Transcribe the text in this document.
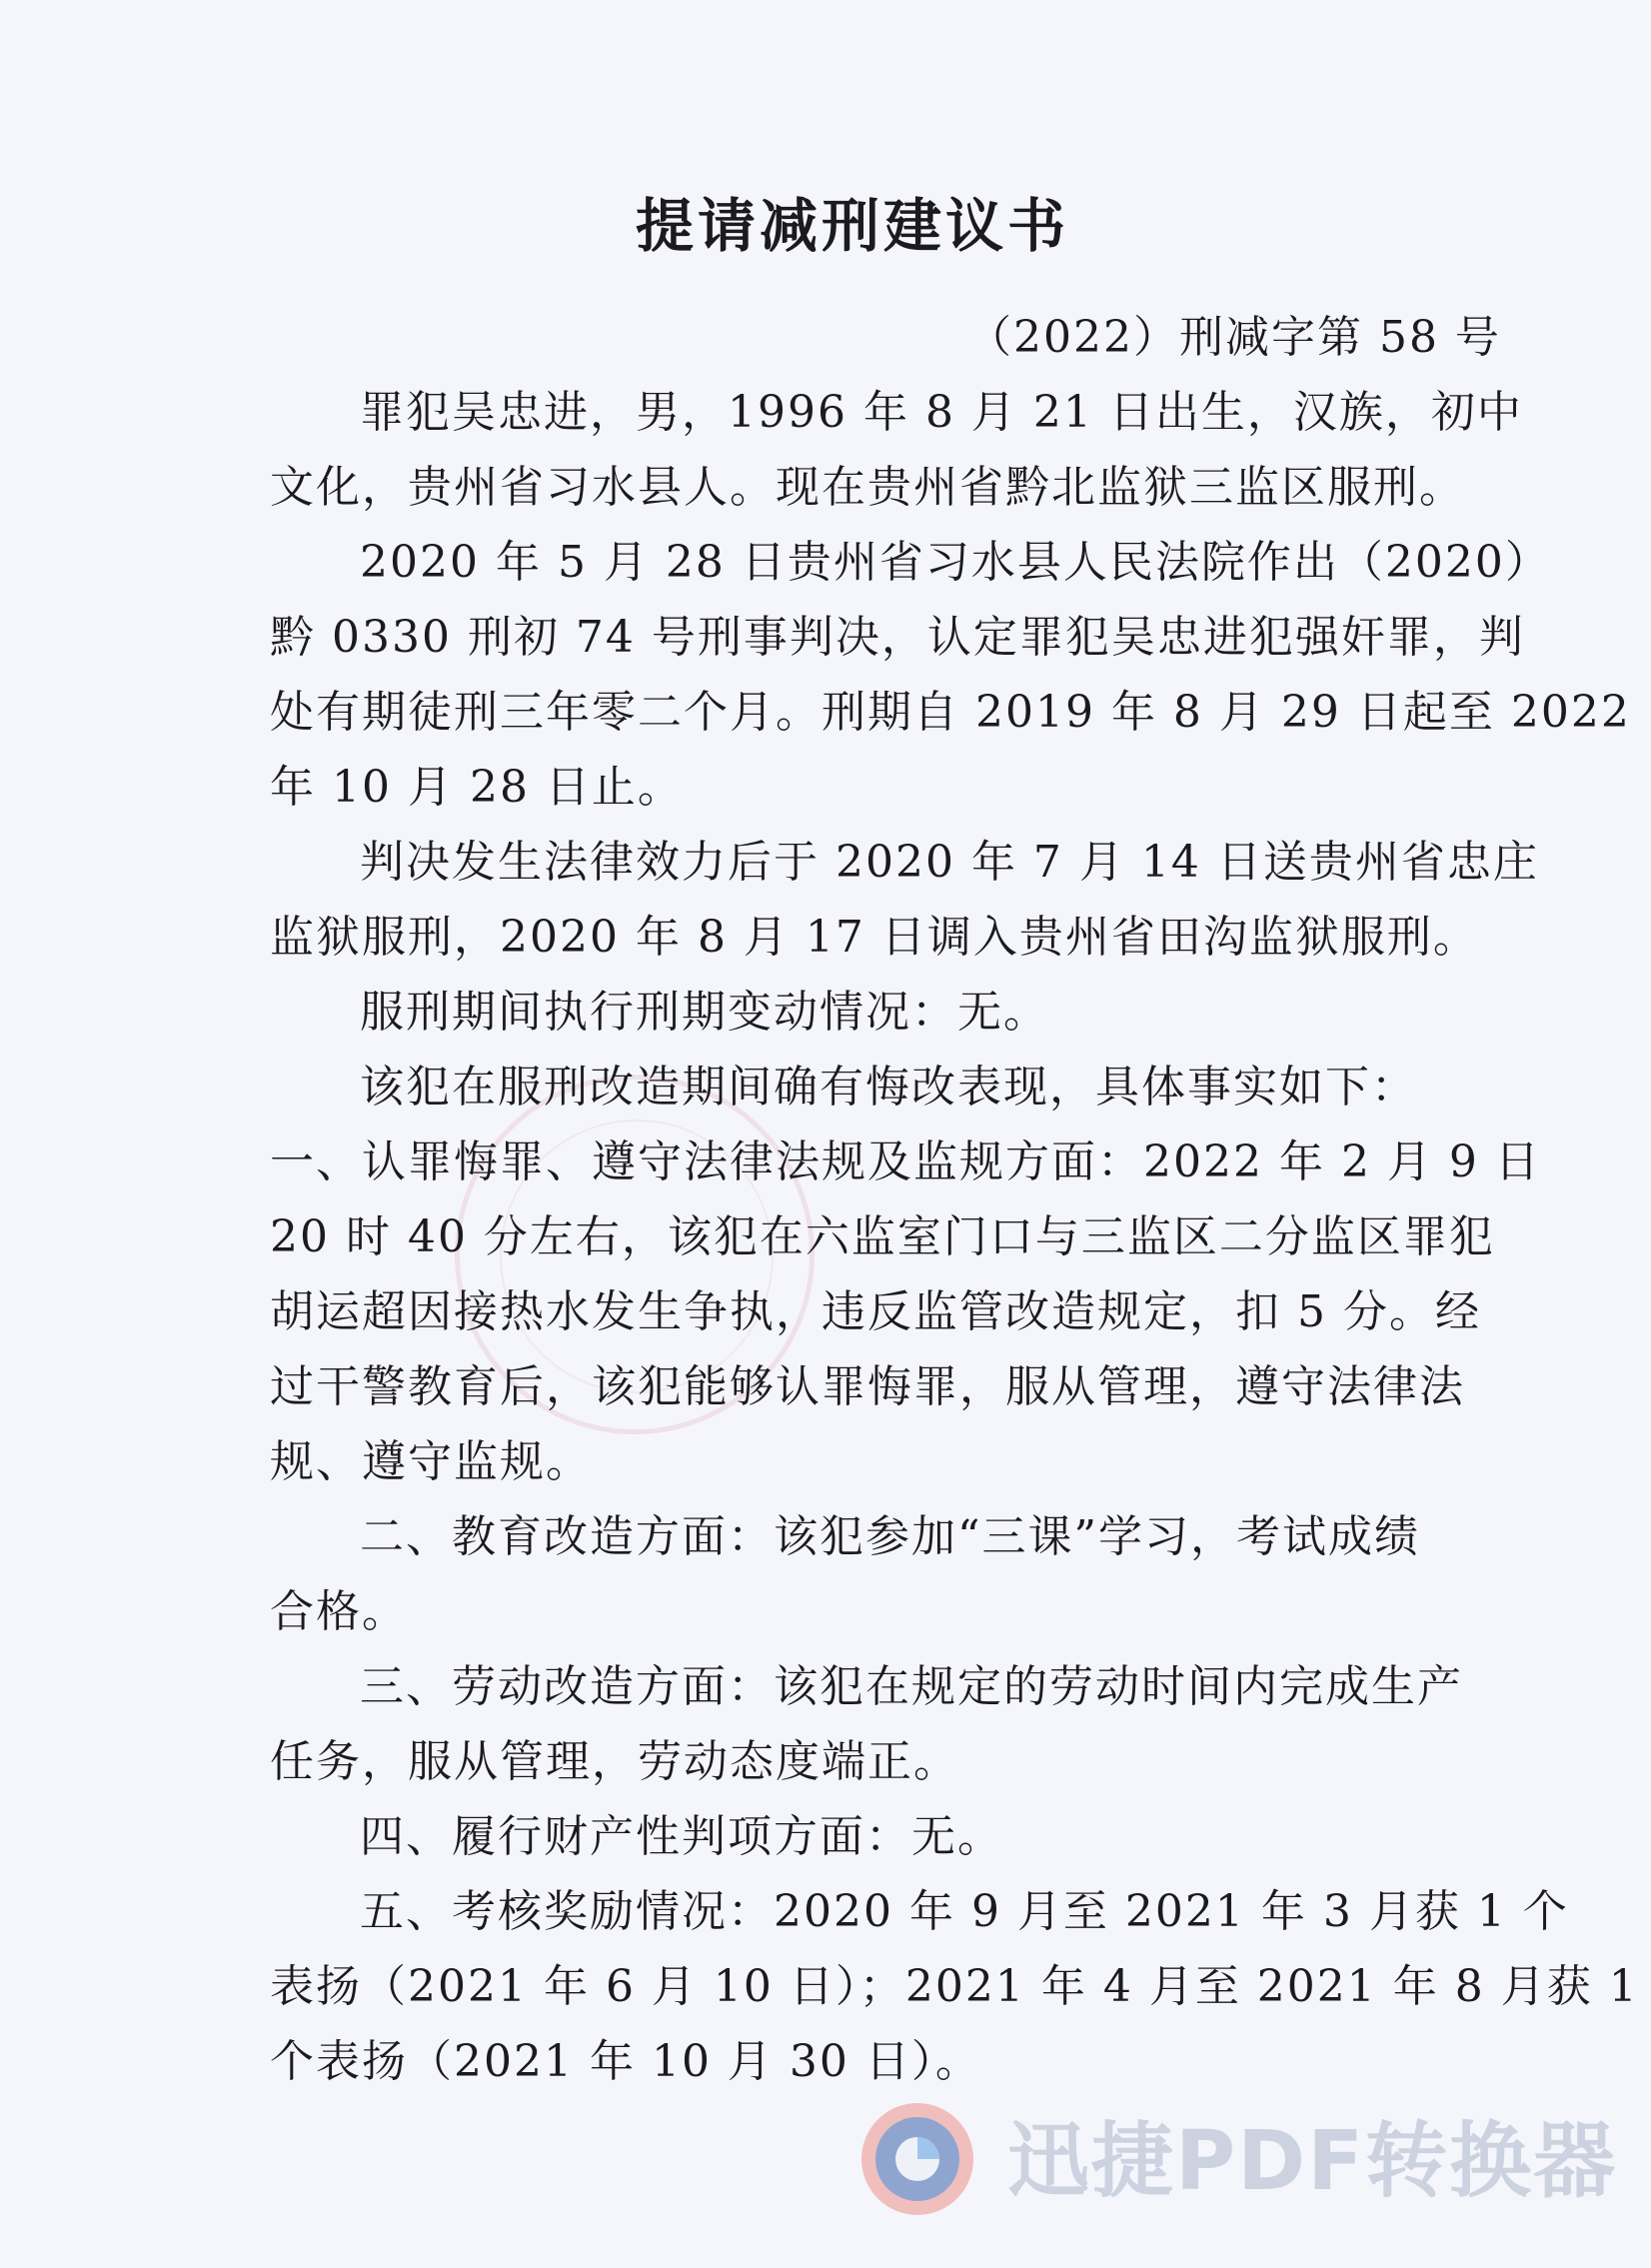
提请减刑建议书
（2022）刑减字第 58 号
罪犯吴忠进，男，1996 年 8 月 21 日出生，汉族，初中
文化，贵州省习水县人。现在贵州省黔北监狱三监区服刑。
2020 年 5 月 28 日贵州省习水县人民法院作出（2020）
黔 0330 刑初 74 号刑事判决，认定罪犯吴忠进犯强奸罪，判
处有期徒刑三年零二个月。刑期自 2019 年 8 月 29 日起至 2022
年 10 月 28 日止。
判决发生法律效力后于 2020 年 7 月 14 日送贵州省忠庄
监狱服刑，2020 年 8 月 17 日调入贵州省田沟监狱服刑。
服刑期间执行刑期变动情况：无。
该犯在服刑改造期间确有悔改表现，具体事实如下：
一、认罪悔罪、遵守法律法规及监规方面：2022 年 2 月 9 日
20 时 40 分左右，该犯在六监室门口与三监区二分监区罪犯
胡运超因接热水发生争执，违反监管改造规定，扣 5 分。经
过干警教育后，该犯能够认罪悔罪，服从管理，遵守法律法
规、遵守监规。
二、教育改造方面：该犯参加“三课”学习，考试成绩
合格。
三、劳动改造方面：该犯在规定的劳动时间内完成生产
任务，服从管理，劳动态度端正。
四、履行财产性判项方面：无。
五、考核奖励情况：2020 年 9 月至 2021 年 3 月获 1 个
表扬（2021 年 6 月 10 日）；2021 年 4 月至 2021 年 8 月获 1
个表扬（2021 年 10 月 30 日）。
迅捷PDF转换器
